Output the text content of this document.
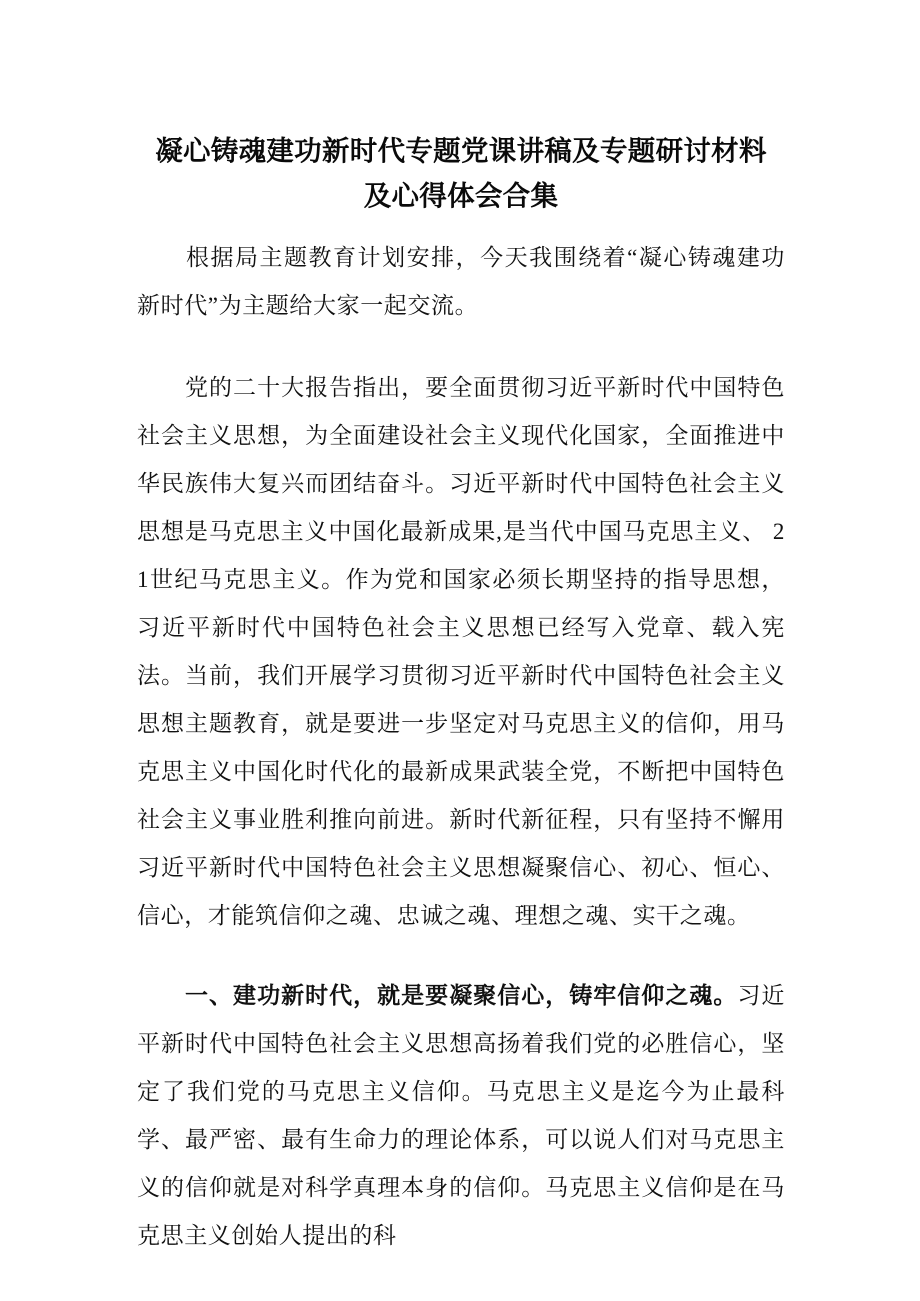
凝心铸魂建功新时代专题党课讲稿及专题研讨材料
及心得体会合集

　　根据局主题教育计划安排，今天我围绕着“凝心铸魂建功 新时代”为主题给大家一起交流。

　　党的二十大报告指出，要全面贯彻习近平新时代中国特色 社会主义思想，为全面建设社会主义现代化国家，全面推进中 华民族伟大复兴而团结奋斗。习近平新时代中国特色社会主义 思想是马克思主义中国化最新成果,是当代中国马克思主义、 21世纪马克思主义。作为党和国家必须长期坚持的指导思想， 习近平新时代中国特色社会主义思想已经写入党章、载入宪 法。当前，我们开展学习贯彻习近平新时代中国特色社会主义 思想主题教育，就是要进一步坚定对马克思主义的信仰，用马 克思主义中国化时代化的最新成果武装全党，不断把中国特色 社会主义事业胜利推向前进。新时代新征程，只有坚持不懈用 习近平新时代中国特色社会主义思想凝聚信心、初心、恒心、 信心，才能筑信仰之魂、忠诚之魂、理想之魂、实干之魂。

　　一、建功新时代，就是要凝聚信心，铸牢信仰之魂。习近 平新时代中国特色社会主义思想高扬着我们党的必胜信心，坚 定了我们党的马克思主义信仰。马克思主义是迄今为止最科 学、最严密、最有生命力的理论体系，可以说人们对马克思主 义的信仰就是对科学真理本身的信仰。马克思主义信仰是在马 克思主义创始人提出的科
